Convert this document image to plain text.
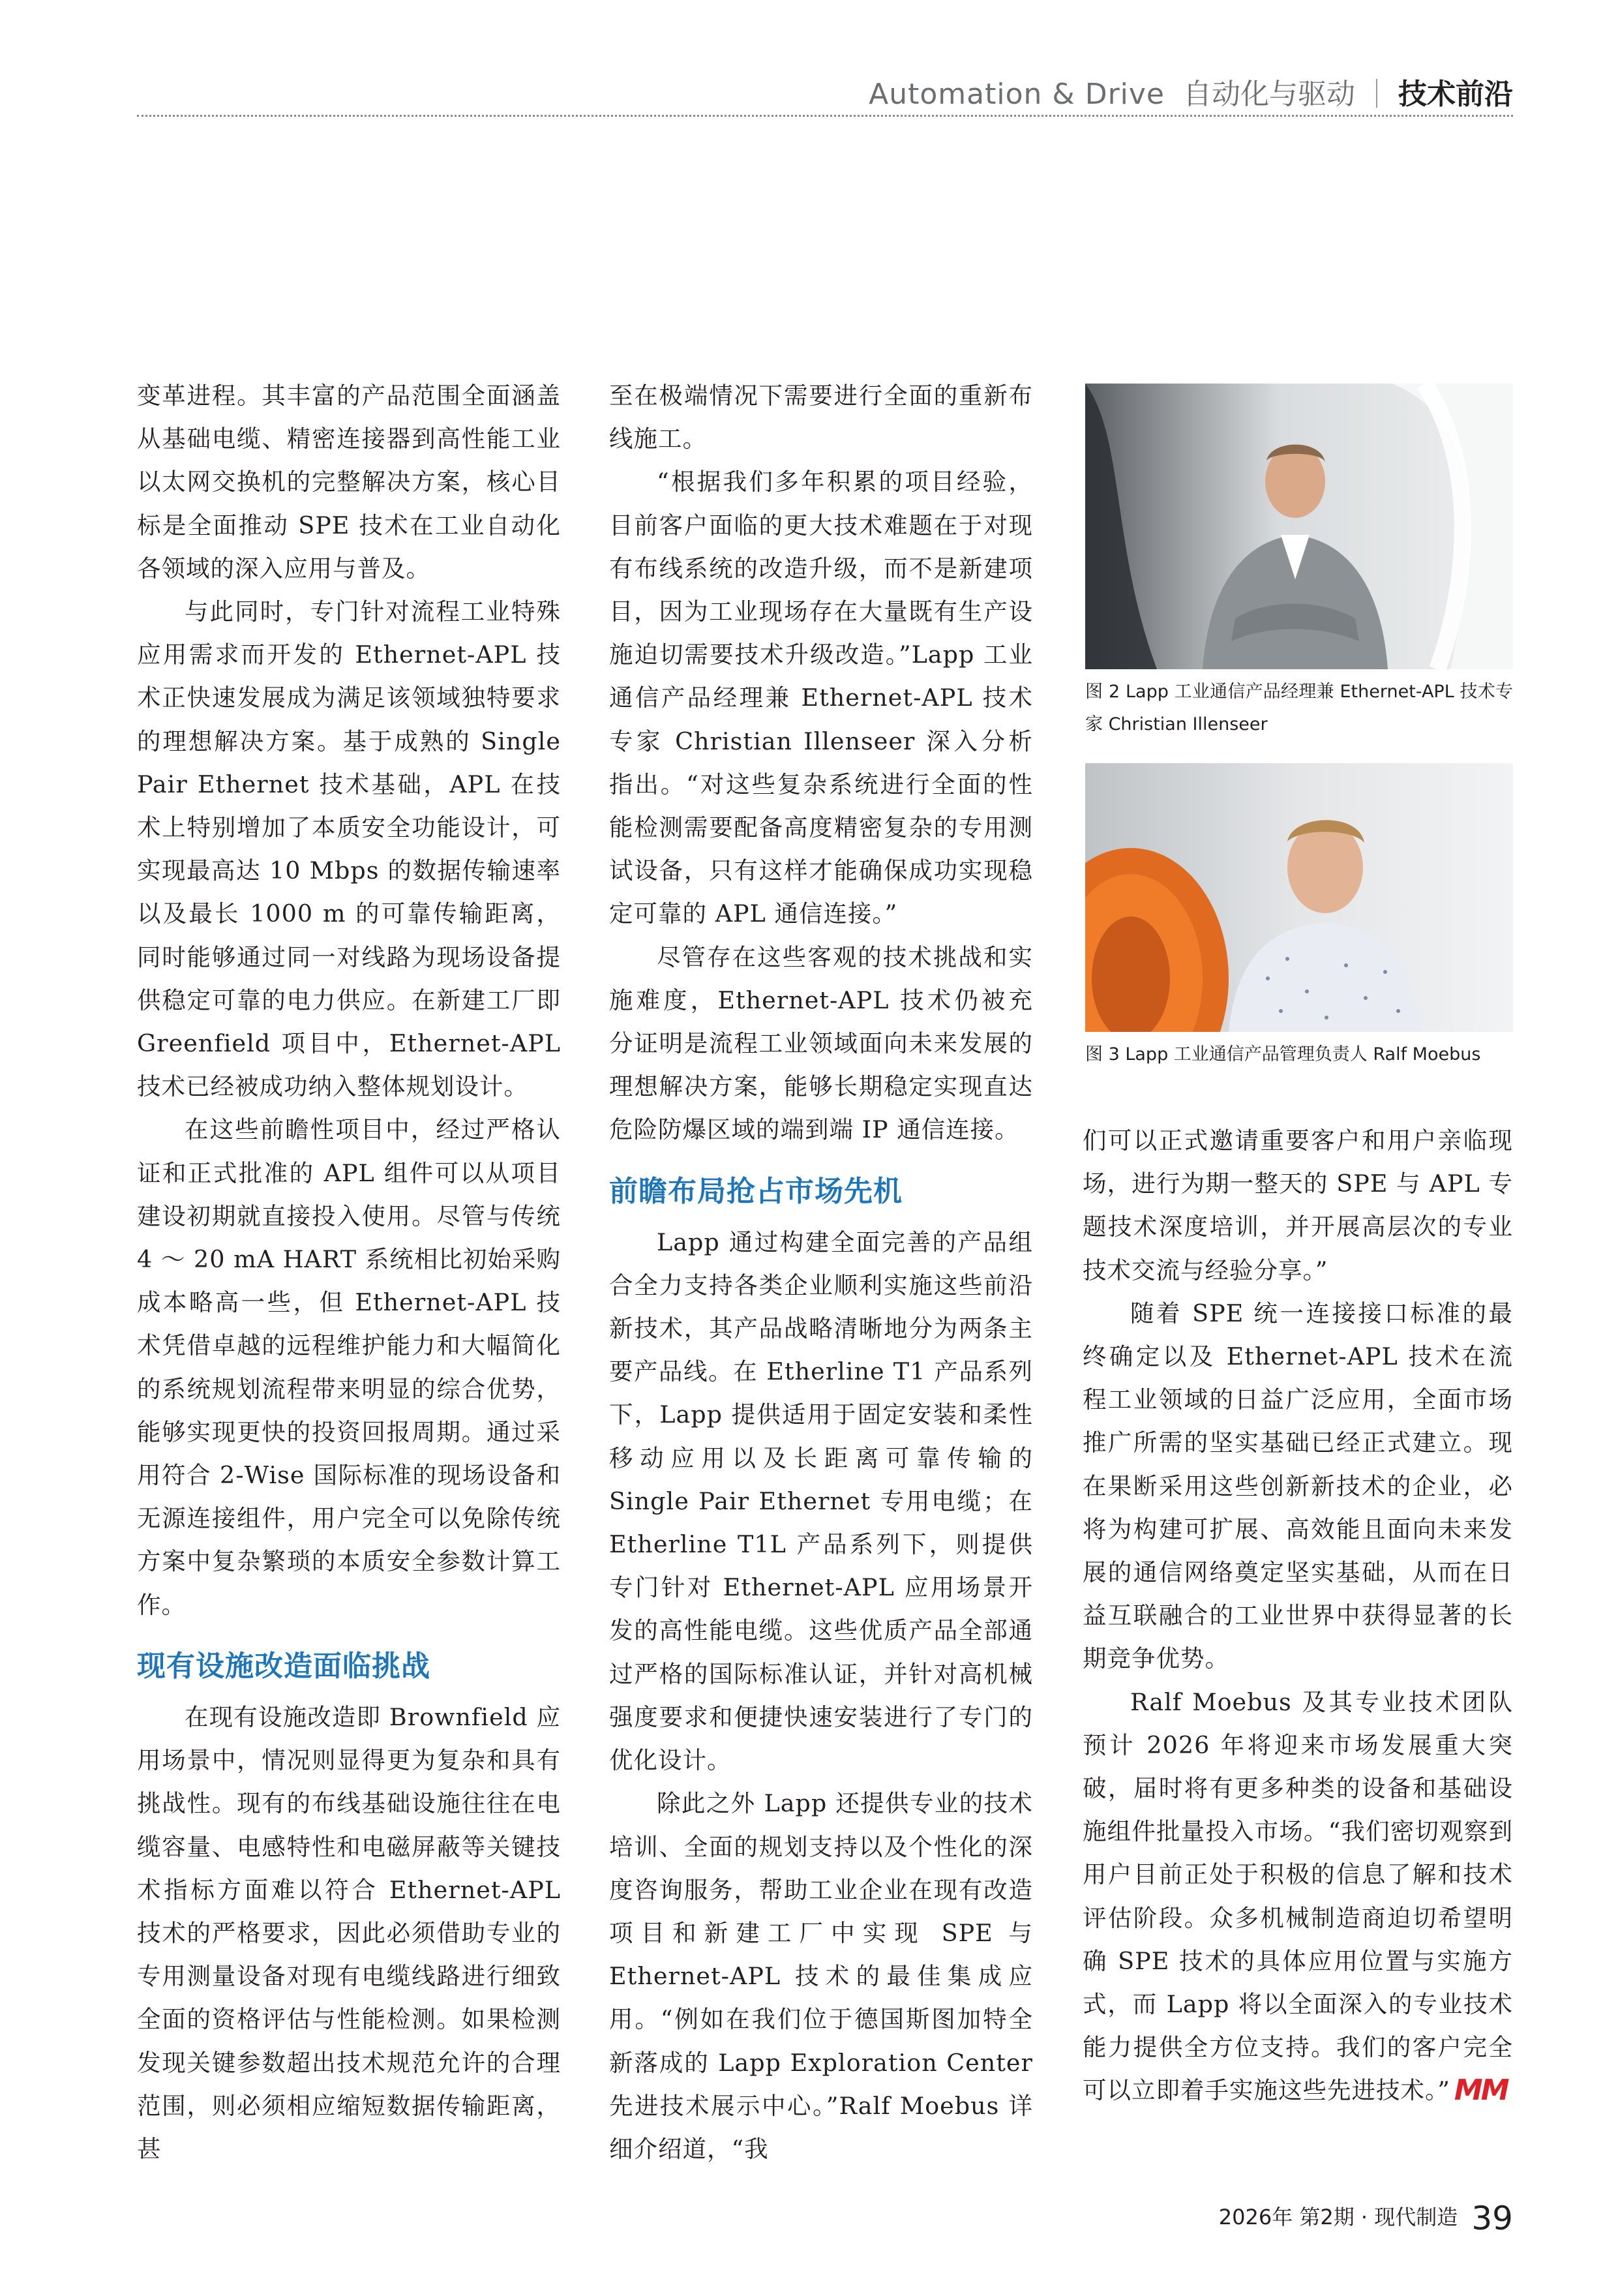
Automation & Drive 自动化与驱动 技术前沿

变革进程。其丰富的产品范围全面涵盖从基础电缆、精密连接器到高性能工业以太网交换机的完整解决方案，核心目标是全面推动 SPE 技术在工业自动化各领域的深入应用与普及。

与此同时，专门针对流程工业特殊应用需求而开发的 Ethernet-APL 技术正快速发展成为满足该领域独特要求的理想解决方案。基于成熟的 Single Pair Ethernet 技术基础，APL 在技术上特别增加了本质安全功能设计，可实现最高达 10 Mbps 的数据传输速率以及最长 1000 m 的可靠传输距离，同时能够通过同一对线路为现场设备提供稳定可靠的电力供应。在新建工厂即 Greenfield 项目中，Ethernet-APL 技术已经被成功纳入整体规划设计。

在这些前瞻性项目中，经过严格认证和正式批准的 APL 组件可以从项目建设初期就直接投入使用。尽管与传统 4 ～ 20 mA HART 系统相比初始采购成本略高一些，但 Ethernet-APL 技术凭借卓越的远程维护能力和大幅简化的系统规划流程带来明显的综合优势，能够实现更快的投资回报周期。通过采用符合 2-Wise 国际标准的现场设备和无源连接组件，用户完全可以免除传统方案中复杂繁琐的本质安全参数计算工作。

现有设施改造面临挑战

在现有设施改造即 Brownfield 应用场景中，情况则显得更为复杂和具有挑战性。现有的布线基础设施往往在电缆容量、电感特性和电磁屏蔽等关键技术指标方面难以符合 Ethernet-APL 技术的严格要求，因此必须借助专业的专用测量设备对现有电缆线路进行细致全面的资格评估与性能检测。如果检测发现关键参数超出技术规范允许的合理范围，则必须相应缩短数据传输距离，甚

至在极端情况下需要进行全面的重新布线施工。

“根据我们多年积累的项目经验，目前客户面临的更大技术难题在于对现有布线系统的改造升级，而不是新建项目，因为工业现场存在大量既有生产设施迫切需要技术升级改造。”Lapp 工业通信产品经理兼 Ethernet-APL 技术专家 Christian Illenseer 深入分析指出。“对这些复杂系统进行全面的性能检测需要配备高度精密复杂的专用测试设备，只有这样才能确保成功实现稳定可靠的 APL 通信连接。”

尽管存在这些客观的技术挑战和实施难度，Ethernet-APL 技术仍被充分证明是流程工业领域面向未来发展的理想解决方案，能够长期稳定实现直达危险防爆区域的端到端 IP 通信连接。

前瞻布局抢占市场先机

Lapp 通过构建全面完善的产品组合全力支持各类企业顺利实施这些前沿新技术，其产品战略清晰地分为两条主要产品线。在 Etherline T1 产品系列下，Lapp 提供适用于固定安装和柔性移动应用以及长距离可靠传输的 Single Pair Ethernet 专用电缆；在 Etherline T1L 产品系列下，则提供专门针对 Ethernet-APL 应用场景开发的高性能电缆。这些优质产品全部通过严格的国际标准认证，并针对高机械强度要求和便捷快速安装进行了专门的优化设计。

除此之外 Lapp 还提供专业的技术培训、全面的规划支持以及个性化的深度咨询服务，帮助工业企业在现有改造项目和新建工厂中实现 SPE 与 Ethernet-APL 技术的最佳集成应用。“例如在我们位于德国斯图加特全新落成的 Lapp Exploration Center 先进技术展示中心。”Ralf Moebus 详细介绍道，“我

图 2 Lapp 工业通信产品经理兼 Ethernet-APL 技术专家 Christian Illenseer
图 3 Lapp 工业通信产品管理负责人 Ralf Moebus

们可以正式邀请重要客户和用户亲临现场，进行为期一整天的 SPE 与 APL 专题技术深度培训，并开展高层次的专业技术交流与经验分享。”

随着 SPE 统一连接接口标准的最终确定以及 Ethernet-APL 技术在流程工业领域的日益广泛应用，全面市场推广所需的坚实基础已经正式建立。现在果断采用这些创新新技术的企业，必将为构建可扩展、高效能且面向未来发展的通信网络奠定坚实基础，从而在日益互联融合的工业世界中获得显著的长期竞争优势。

Ralf Moebus 及其专业技术团队预计 2026 年将迎来市场发展重大突破，届时将有更多种类的设备和基础设施组件批量投入市场。“我们密切观察到用户目前正处于积极的信息了解和技术评估阶段。众多机械制造商迫切希望明确 SPE 技术的具体应用位置与实施方式，而 Lapp 将以全面深入的专业技术能力提供全方位支持。我们的客户完全可以立即着手实施这些先进技术。” MM

2026年 第2期 · 现代制造 39
